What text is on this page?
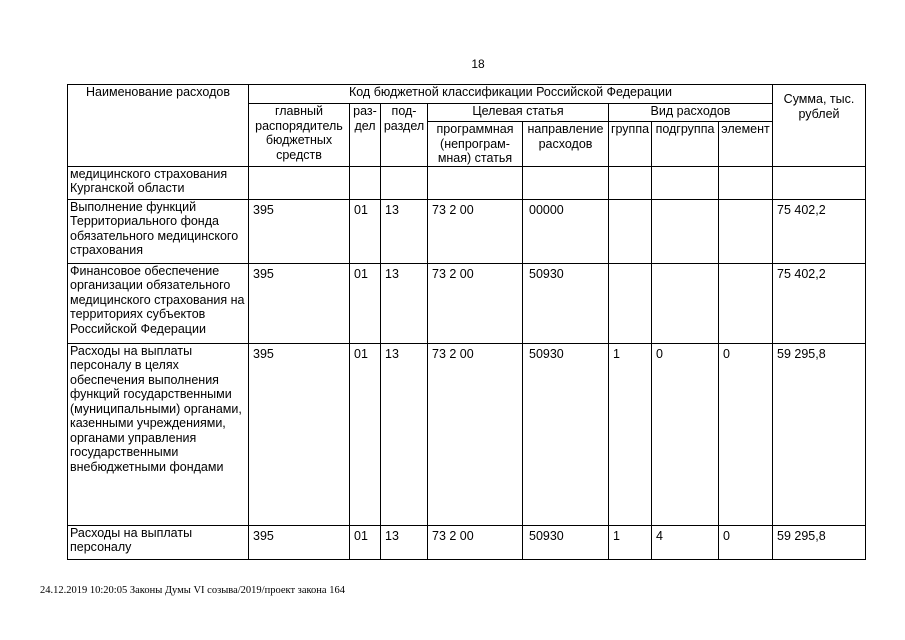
18
Наименование расходов	Код бюджетной классификации Российской Федерации								Сумма, тыс. рублей
	главный распорядитель бюджетных средств	раз- дел	под- раздел	Целевая статья		Вид расходов			
				программная (непрограм- мная) статья	направление расходов	группа	подгруппа	элемент	
медицинского страхования Курганской области									
Выполнение функций Территориального фонда обязательного медицинского страхования	395	01	13	73 2 00	00000				75 402,2
Финансовое обеспечение организации обязательного медицинского страхования на территориях субъектов Российской Федерации	395	01	13	73 2 00	50930				75 402,2
Расходы на выплаты персоналу в целях обеспечения выполнения функций государственными (муниципальными) органами, казенными учреждениями, органами управления государственными внебюджетными фондами	395	01	13	73 2 00	50930	1	0	0	59 295,8
Расходы на выплаты персоналу	395	01	13	73 2 00	50930	1	4	0	59 295,8
24.12.2019 10:20:05 Законы Думы VI созыва/2019/проект закона 164
